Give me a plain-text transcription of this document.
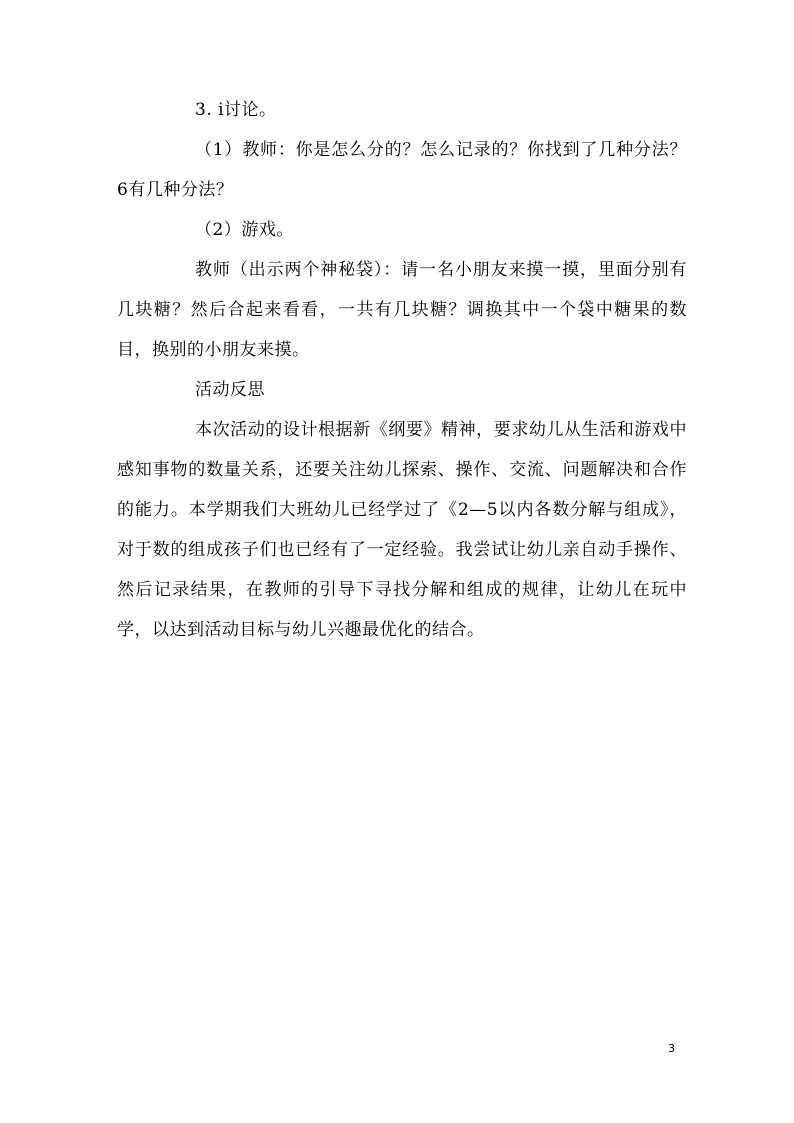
3. i讨论。

（1）教师：你是怎么分的？怎么记录的？你找到了几种分法？6有几种分法？

（2）游戏。

教师（出示两个神秘袋）：请一名小朋友来摸一摸，里面分别有几块糖？然后合起来看看，一共有几块糖？调换其中一个袋中糖果的数目，换别的小朋友来摸。

活动反思

本次活动的设计根据新《纲要》精神，要求幼儿从生活和游戏中感知事物的数量关系，还要关注幼儿探索、操作、交流、问题解决和合作的能力。本学期我们大班幼儿已经学过了《2—5以内各数分解与组成》，对于数的组成孩子们也已经有了一定经验。我尝试让幼儿亲自动手操作、然后记录结果，在教师的引导下寻找分解和组成的规律，让幼儿在玩中学，以达到活动目标与幼儿兴趣最优化的结合。

3
